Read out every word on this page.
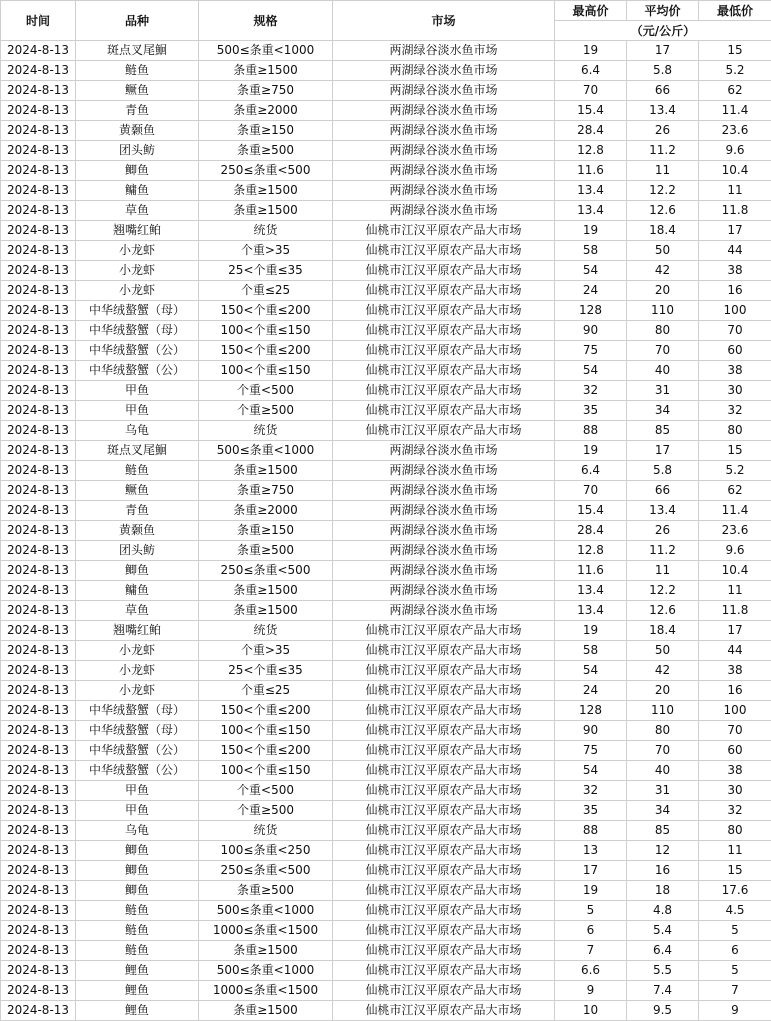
时间	品种	规格	市场	最高价	平均价	最低价
				（元/公斤）		
2024-8-13	斑点叉尾鮰	500≤条重<1000	两湖绿谷淡水鱼市场	19	17	15
2024-8-13	鲢鱼	条重≥1500	两湖绿谷淡水鱼市场	6.4	5.8	5.2
2024-8-13	鳜鱼	条重≥750	两湖绿谷淡水鱼市场	70	66	62
2024-8-13	青鱼	条重≥2000	两湖绿谷淡水鱼市场	15.4	13.4	11.4
2024-8-13	黄颡鱼	条重≥150	两湖绿谷淡水鱼市场	28.4	26	23.6
2024-8-13	团头鲂	条重≥500	两湖绿谷淡水鱼市场	12.8	11.2	9.6
2024-8-13	鲫鱼	250≤条重<500	两湖绿谷淡水鱼市场	11.6	11	10.4
2024-8-13	鳙鱼	条重≥1500	两湖绿谷淡水鱼市场	13.4	12.2	11
2024-8-13	草鱼	条重≥1500	两湖绿谷淡水鱼市场	13.4	12.6	11.8
2024-8-13	翘嘴红鲌	统货	仙桃市江汉平原农产品大市场	19	18.4	17
2024-8-13	小龙虾	个重>35	仙桃市江汉平原农产品大市场	58	50	44
2024-8-13	小龙虾	25<个重≤35	仙桃市江汉平原农产品大市场	54	42	38
2024-8-13	小龙虾	个重≤25	仙桃市江汉平原农产品大市场	24	20	16
2024-8-13	中华绒螯蟹（母）	150<个重≤200	仙桃市江汉平原农产品大市场	128	110	100
2024-8-13	中华绒螯蟹（母）	100<个重≤150	仙桃市江汉平原农产品大市场	90	80	70
2024-8-13	中华绒螯蟹（公）	150<个重≤200	仙桃市江汉平原农产品大市场	75	70	60
2024-8-13	中华绒螯蟹（公）	100<个重≤150	仙桃市江汉平原农产品大市场	54	40	38
2024-8-13	甲鱼	个重<500	仙桃市江汉平原农产品大市场	32	31	30
2024-8-13	甲鱼	个重≥500	仙桃市江汉平原农产品大市场	35	34	32
2024-8-13	乌龟	统货	仙桃市江汉平原农产品大市场	88	85	80
2024-8-13	斑点叉尾鮰	500≤条重<1000	两湖绿谷淡水鱼市场	19	17	15
2024-8-13	鲢鱼	条重≥1500	两湖绿谷淡水鱼市场	6.4	5.8	5.2
2024-8-13	鳜鱼	条重≥750	两湖绿谷淡水鱼市场	70	66	62
2024-8-13	青鱼	条重≥2000	两湖绿谷淡水鱼市场	15.4	13.4	11.4
2024-8-13	黄颡鱼	条重≥150	两湖绿谷淡水鱼市场	28.4	26	23.6
2024-8-13	团头鲂	条重≥500	两湖绿谷淡水鱼市场	12.8	11.2	9.6
2024-8-13	鲫鱼	250≤条重<500	两湖绿谷淡水鱼市场	11.6	11	10.4
2024-8-13	鳙鱼	条重≥1500	两湖绿谷淡水鱼市场	13.4	12.2	11
2024-8-13	草鱼	条重≥1500	两湖绿谷淡水鱼市场	13.4	12.6	11.8
2024-8-13	翘嘴红鲌	统货	仙桃市江汉平原农产品大市场	19	18.4	17
2024-8-13	小龙虾	个重>35	仙桃市江汉平原农产品大市场	58	50	44
2024-8-13	小龙虾	25<个重≤35	仙桃市江汉平原农产品大市场	54	42	38
2024-8-13	小龙虾	个重≤25	仙桃市江汉平原农产品大市场	24	20	16
2024-8-13	中华绒螯蟹（母）	150<个重≤200	仙桃市江汉平原农产品大市场	128	110	100
2024-8-13	中华绒螯蟹（母）	100<个重≤150	仙桃市江汉平原农产品大市场	90	80	70
2024-8-13	中华绒螯蟹（公）	150<个重≤200	仙桃市江汉平原农产品大市场	75	70	60
2024-8-13	中华绒螯蟹（公）	100<个重≤150	仙桃市江汉平原农产品大市场	54	40	38
2024-8-13	甲鱼	个重<500	仙桃市江汉平原农产品大市场	32	31	30
2024-8-13	甲鱼	个重≥500	仙桃市江汉平原农产品大市场	35	34	32
2024-8-13	乌龟	统货	仙桃市江汉平原农产品大市场	88	85	80
2024-8-13	鲫鱼	100≤条重<250	仙桃市江汉平原农产品大市场	13	12	11
2024-8-13	鲫鱼	250≤条重<500	仙桃市江汉平原农产品大市场	17	16	15
2024-8-13	鲫鱼	条重≥500	仙桃市江汉平原农产品大市场	19	18	17.6
2024-8-13	鲢鱼	500≤条重<1000	仙桃市江汉平原农产品大市场	5	4.8	4.5
2024-8-13	鲢鱼	1000≤条重<1500	仙桃市江汉平原农产品大市场	6	5.4	5
2024-8-13	鲢鱼	条重≥1500	仙桃市江汉平原农产品大市场	7	6.4	6
2024-8-13	鲤鱼	500≤条重<1000	仙桃市江汉平原农产品大市场	6.6	5.5	5
2024-8-13	鲤鱼	1000≤条重<1500	仙桃市江汉平原农产品大市场	9	7.4	7
2024-8-13	鲤鱼	条重≥1500	仙桃市江汉平原农产品大市场	10	9.5	9
